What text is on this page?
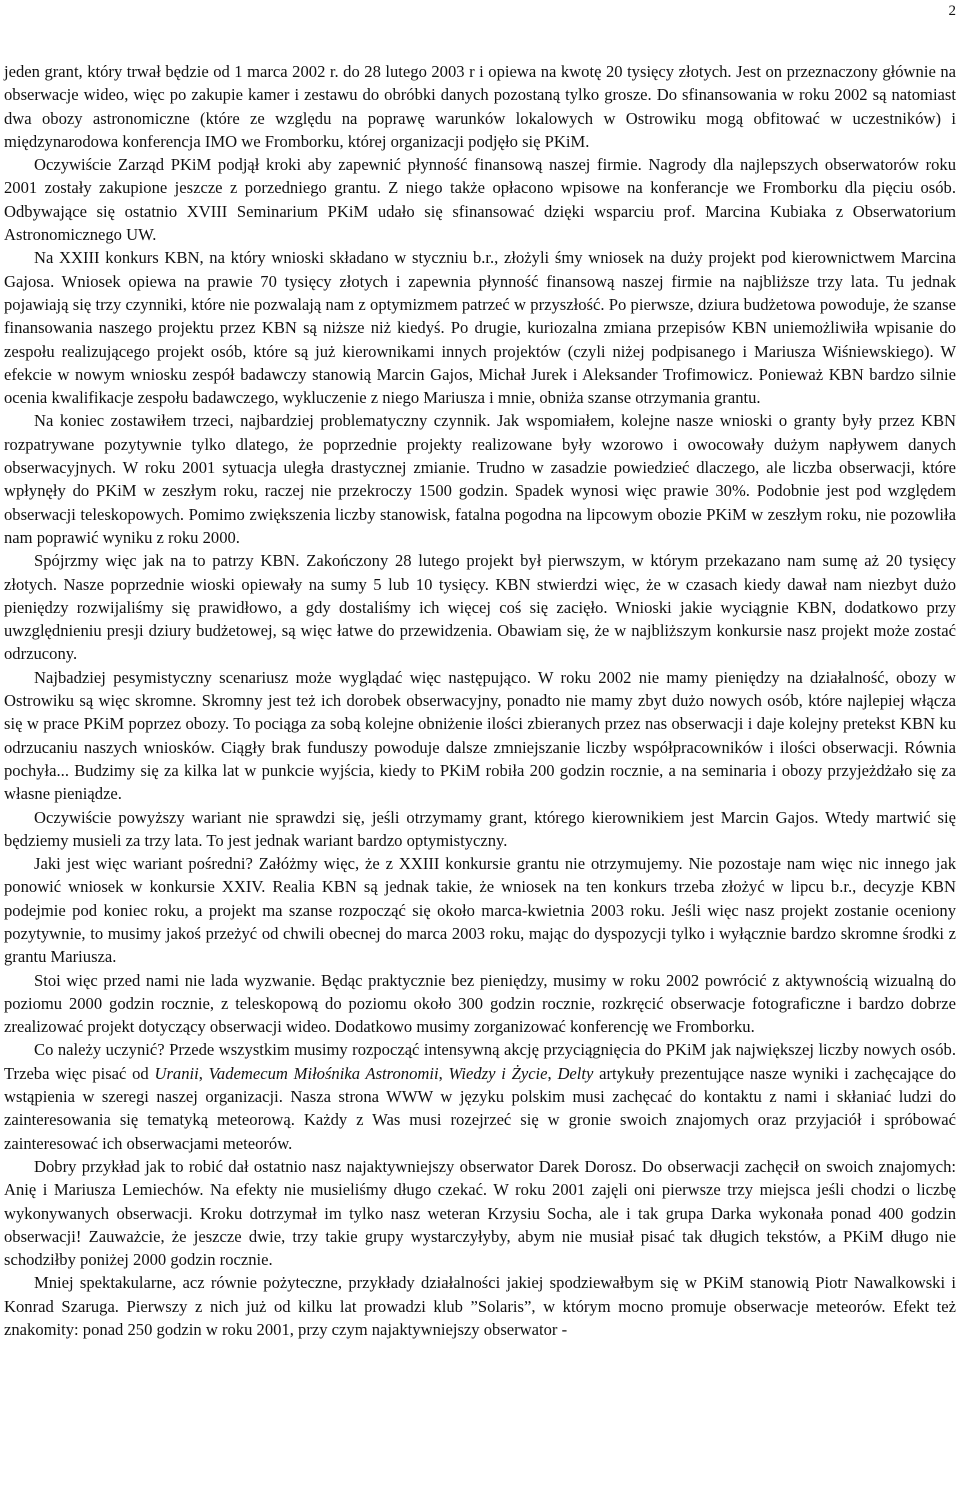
2

jeden grant, który trwał będzie od 1 marca 2002 r. do 28 lutego 2003 r i opiewa na kwotę 20 tysięcy złotych. Jest on przeznaczony głównie na obserwacje wideo, więc po zakupie kamer i zestawu do obróbki danych pozostaną tylko grosze. Do sfinansowania w roku 2002 są natomiast dwa obozy astronomiczne (które ze względu na poprawę warunków lokalowych w Ostrowiku mogą obfitować w uczestników) i międzynarodowa konferencja IMO we Fromborku, której organizacji podjęło się PKiM.

Oczywiście Zarząd PKiM podjął kroki aby zapewnić płynność finansową naszej firmie. Nagrody dla najlepszych obserwatorów roku 2001 zostały zakupione jeszcze z porzedniego grantu. Z niego także opłacono wpisowe na konferancje we Fromborku dla pięciu osób. Odbywające się ostatnio XVIII Seminarium PKiM udało się sfinansować dzięki wsparciu prof. Marcina Kubiaka z Obserwatorium Astronomicznego UW.

Na XXIII konkurs KBN, na który wnioski składano w styczniu b.r., złożyli śmy wniosek na duży projekt pod kierownictwem Marcina Gajosa. Wniosek opiewa na prawie 70 tysięcy złotych i zapewnia płynność finansową naszej firmie na najbliższe trzy lata. Tu jednak pojawiają się trzy czynniki, które nie pozwalają nam z optymizmem patrzeć w przyszłość. Po pierwsze, dziura budżetowa powoduje, że szanse finansowania naszego projektu przez KBN są niższe niż kiedyś. Po drugie, kuriozalna zmiana przepisów KBN uniemożliwiła wpisanie do zespołu realizującego projekt osób, które są już kierownikami innych projektów (czyli niżej podpisanego i Mariusza Wiśniewskiego). W efekcie w nowym wniosku zespół badawczy stanowią Marcin Gajos, Michał Jurek i Aleksander Trofimowicz. Ponieważ KBN bardzo silnie ocenia kwalifikacje zespołu badawczego, wykluczenie z niego Mariusza i mnie, obniża szanse otrzymania grantu.

Na koniec zostawiłem trzeci, najbardziej problematyczny czynnik. Jak wspomiałem, kolejne nasze wnioski o granty były przez KBN rozpatrywane pozytywnie tylko dlatego, że poprzednie projekty realizowane były wzorowo i owocowały dużym napływem danych obserwacyjnych. W roku 2001 sytuacja uległa drastycznej zmianie. Trudno w zasadzie powiedzieć dlaczego, ale liczba obserwacji, które wpłynęły do PKiM w zeszłym roku, raczej nie przekroczy 1500 godzin. Spadek wynosi więc prawie 30%. Podobnie jest pod względem obserwacji teleskopowych. Pomimo zwiększenia liczby stanowisk, fatalna pogodna na lipcowym obozie PKiM w zeszłym roku, nie pozowliła nam poprawić wyniku z roku 2000.

Spójrzmy więc jak na to patrzy KBN. Zakończony 28 lutego projekt był pierwszym, w którym przekazano nam sumę aż 20 tysięcy złotych. Nasze poprzednie wioski opiewały na sumy 5 lub 10 tysięcy. KBN stwierdzi więc, że w czasach kiedy dawał nam niezbyt dużo pieniędzy rozwijaliśmy się prawidłowo, a gdy dostaliśmy ich więcej coś się zacięło. Wnioski jakie wyciągnie KBN, dodatkowo przy uwzględnieniu presji dziury budżetowej, są więc łatwe do przewidzenia. Obawiam się, że w najbliższym konkursie nasz projekt może zostać odrzucony.

Najbadziej pesymistyczny scenariusz może wyglądać więc następująco. W roku 2002 nie mamy pieniędzy na działalność, obozy w Ostrowiku są więc skromne. Skromny jest też ich dorobek obserwacyjny, ponadto nie mamy zbyt dużo nowych osób, które najlepiej włącza się w prace PKiM poprzez obozy. To pociąga za sobą kolejne obniżenie ilości zbieranych przez nas obserwacji i daje kolejny pretekst KBN ku odrzucaniu naszych wniosków. Ciągły brak funduszy powoduje dalsze zmniejszanie liczby współpracowników i ilości obserwacji. Równia pochyła... Budzimy się za kilka lat w punkcie wyjścia, kiedy to PKiM robiła 200 godzin rocznie, a na seminaria i obozy przyjeżdżało się za własne pieniądze.

Oczywiście powyższy wariant nie sprawdzi się, jeśli otrzymamy grant, którego kierownikiem jest Marcin Gajos. Wtedy martwić się będziemy musieli za trzy lata. To jest jednak wariant bardzo optymistyczny.

Jaki jest więc wariant pośredni? Załóżmy więc, że z XXIII konkursie grantu nie otrzymujemy. Nie pozostaje nam więc nic innego jak ponowić wniosek w konkursie XXIV. Realia KBN są jednak takie, że wniosek na ten konkurs trzeba złożyć w lipcu b.r., decyzje KBN podejmie pod koniec roku, a projekt ma szanse rozpocząć się około marca-kwietnia 2003 roku. Jeśli więc nasz projekt zostanie oceniony pozytywnie, to musimy jakoś przeżyć od chwili obecnej do marca 2003 roku, mając do dyspozycji tylko i wyłącznie bardzo skromne środki z grantu Mariusza.

Stoi więc przed nami nie lada wyzwanie. Będąc praktycznie bez pieniędzy, musimy w roku 2002 powrócić z aktywnością wizualną do poziomu 2000 godzin rocznie, z teleskopową do poziomu około 300 godzin rocznie, rozkręcić obserwacje fotograficzne i bardzo dobrze zrealizować projekt dotyczący obserwacji wideo. Dodatkowo musimy zorganizować konferencję we Fromborku.

Co należy uczynić? Przede wszystkim musimy rozpocząć intensywną akcję przyciągnięcia do PKiM jak największej liczby nowych osób. Trzeba więc pisać od Uranii, Vademecum Miłośnika Astronomii, Wiedzy i Życie, Delty artykuły prezentujące nasze wyniki i zachęcające do wstąpienia w szeregi naszej organizacji. Nasza strona WWW w języku polskim musi zachęcać do kontaktu z nami i skłaniać ludzi do zainteresowania się tematyką meteorową. Każdy z Was musi rozejrzeć się w gronie swoich znajomych oraz przyjaciół i spróbować zainteresować ich obserwacjami meteorów.

Dobry przykład jak to robić dał ostatnio nasz najaktywniejszy obserwator Darek Dorosz. Do obserwacji zachęcił on swoich znajomych: Anię i Mariusza Lemiechów. Na efekty nie musieliśmy długo czekać. W roku 2001 zajęli oni pierwsze trzy miejsca jeśli chodzi o liczbę wykonywanych obserwacji. Kroku dotrzymał im tylko nasz weteran Krzysiu Socha, ale i tak grupa Darka wykonała ponad 400 godzin obserwacji! Zauważcie, że jeszcze dwie, trzy takie grupy wystarczyłyby, abym nie musiał pisać tak długich tekstów, a PKiM długo nie schodziłby poniżej 2000 godzin rocznie.

Mniej spektakularne, acz równie pożyteczne, przykłady działalności jakiej spodziewałbym się w PKiM stanowią Piotr Nawalkowski i Konrad Szaruga. Pierwszy z nich już od kilku lat prowadzi klub ”Solaris”, w którym mocno promuje obserwacje meteorów. Efekt też znakomity: ponad 250 godzin w roku 2001, przy czym najaktywniejszy obserwator -
